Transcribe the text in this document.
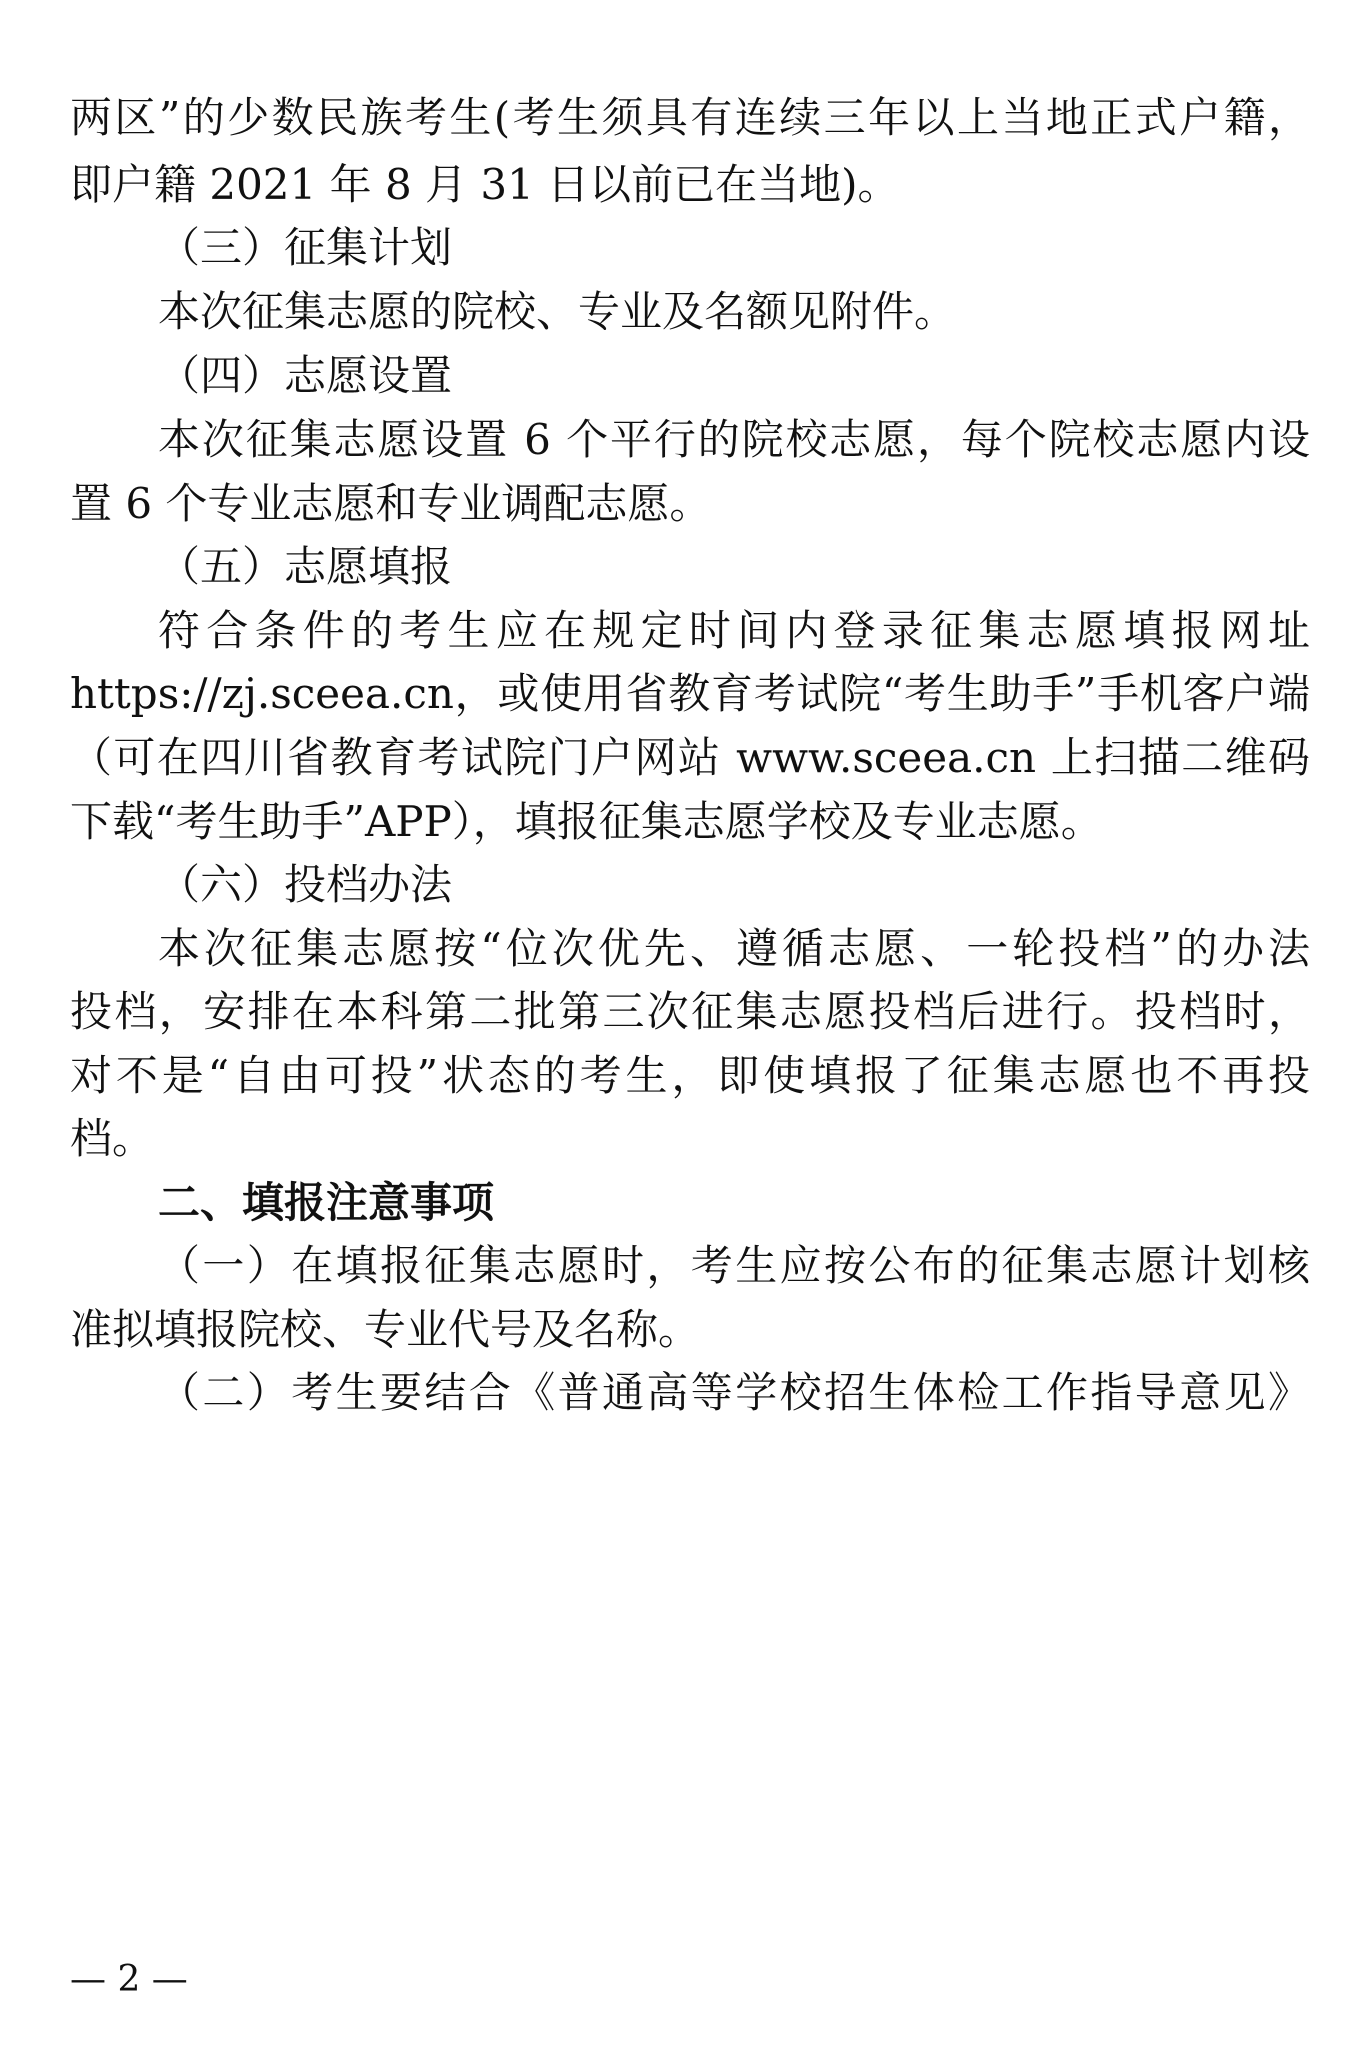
两区”的少数民族考生(考生须具有连续三年以上当地正式户籍，
即户籍 2021 年 8 月 31 日以前已在当地)。
（三）征集计划
本次征集志愿的院校、专业及名额见附件。
（四）志愿设置
本次征集志愿设置 6 个平行的院校志愿，每个院校志愿内设
置 6 个专业志愿和专业调配志愿。
（五）志愿填报
符合条件的考生应在规定时间内登录征集志愿填报网址
https://zj.sceea.cn，或使用省教育考试院“考生助手”手机客户端
（可在四川省教育考试院门户网站 www.sceea.cn 上扫描二维码
下载“考生助手”APP），填报征集志愿学校及专业志愿。
（六）投档办法
本次征集志愿按“位次优先、遵循志愿、一轮投档”的办法
投档，安排在本科第二批第三次征集志愿投档后进行。投档时，
对不是“自由可投”状态的考生，即使填报了征集志愿也不再投
档。
二、填报注意事项
（一）在填报征集志愿时，考生应按公布的征集志愿计划核
准拟填报院校、专业代号及名称。
（二）考生要结合《普通高等学校招生体检工作指导意见》
— 2 —
